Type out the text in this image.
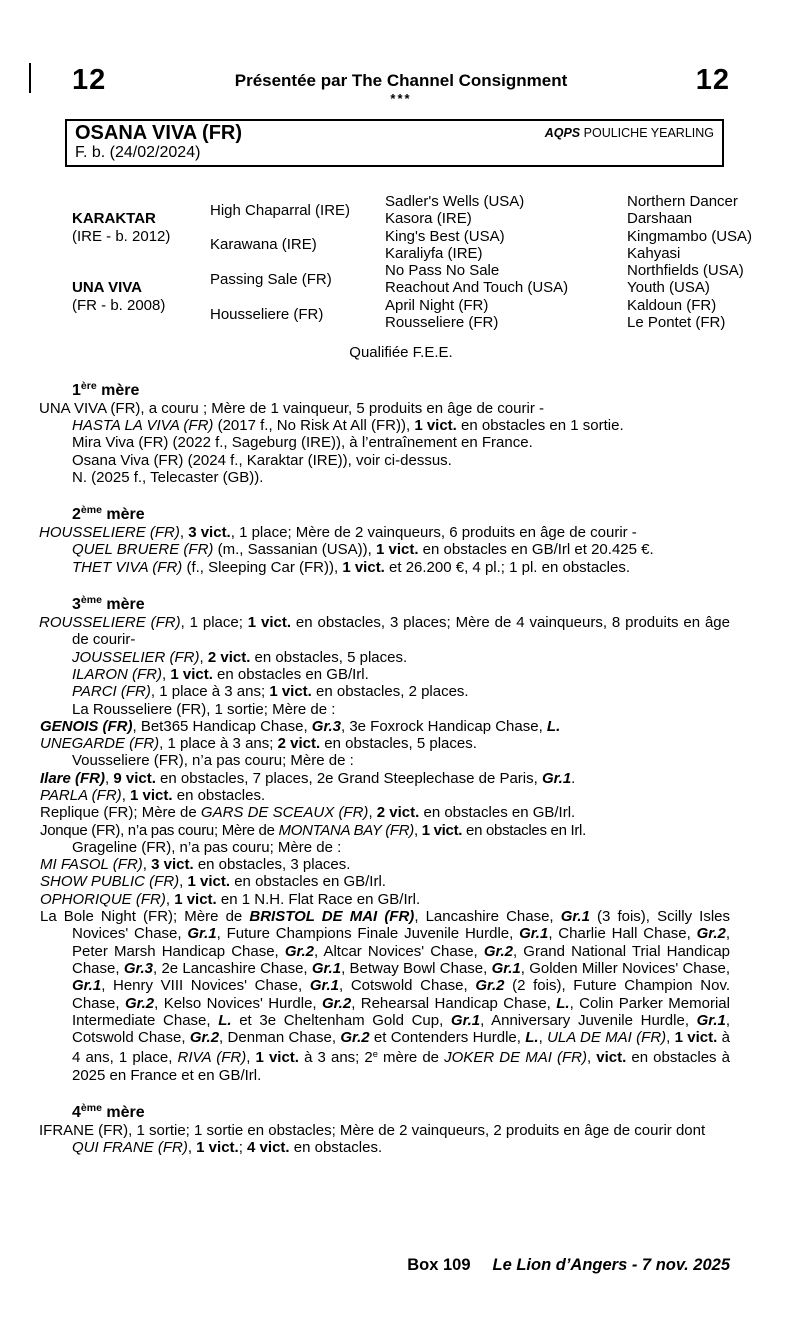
12	Présentée par The Channel Consignment
***
12
OSANA VIVA (FR)
F. b. (24/02/2024)
AQPS POULICHE YEARLING
KARAKTAR
(IRE - b. 2012)
UNA VIVA
(FR - b. 2008)
High Chaparral (IRE)
Karawana (IRE)
Passing Sale (FR)
Housseliere (FR)
Sadler's Wells (USA)
Kasora (IRE)
King's Best (USA)
Karaliyfa (IRE)
No Pass No Sale
Reachout And Touch (USA)
April Night (FR)
Rousseliere (FR)
Northern Dancer
Darshaan
Kingmambo (USA)
Kahyasi
Northfields (USA)
Youth (USA)
Kaldoun (FR)
Le Pontet (FR)
Qualifiée F.E.E.
1ère mère

UNA VIVA (FR), a couru ; Mère de 1 vainqueur, 5 produits en âge de courir -

HASTA LA VIVA (FR) (2017 f., No Risk At All (FR)), 1 vict. en obstacles en 1 sortie.

Mira Viva (FR) (2022 f., Sageburg (IRE)), à l’entraînement en France.

Osana Viva (FR) (2024 f., Karaktar (IRE)), voir ci-dessus.

N. (2025 f., Telecaster (GB)).

2ème mère

HOUSSELIERE (FR), 3 vict., 1 place; Mère de 2 vainqueurs, 6 produits en âge de courir -

QUEL BRUERE (FR) (m., Sassanian (USA)), 1 vict. en obstacles en GB/Irl et 20.425 €.

THET VIVA (FR) (f., Sleeping Car (FR)), 1 vict. et 26.200 €, 4 pl.; 1 pl. en obstacles.

3ème mère

ROUSSELIERE (FR), 1 place; 1 vict. en obstacles, 3 places; Mère de 4 vainqueurs, 8 produits en âge de courir-

JOUSSELIER (FR), 2 vict. en obstacles, 5 places.

ILARON (FR), 1 vict. en obstacles en GB/Irl.

PARCI (FR), 1 place à 3 ans; 1 vict. en obstacles, 2 places.

La Rousseliere (FR), 1 sortie; Mère de :

GENOIS (FR), Bet365 Handicap Chase, Gr.3, 3e Foxrock Handicap Chase, L.

UNEGARDE (FR), 1 place à 3 ans; 2 vict. en obstacles, 5 places.

Vousseliere (FR), n’a pas couru; Mère de :

Ilare (FR), 9 vict. en obstacles, 7 places, 2e Grand Steeplechase de Paris, Gr.1.

PARLA (FR), 1 vict. en obstacles.

Replique (FR); Mère de GARS DE SCEAUX (FR), 2 vict. en obstacles en GB/Irl.

Jonque (FR), n’a pas couru; Mère de MONTANA BAY (FR), 1 vict. en obstacles en Irl.

Grageline (FR), n’a pas couru; Mère de :

MI FASOL (FR), 3 vict. en obstacles, 3 places.

SHOW PUBLIC (FR), 1 vict. en obstacles en GB/Irl.

OPHORIQUE (FR), 1 vict. en 1 N.H. Flat Race en GB/Irl.

La Bole Night (FR); Mère de BRISTOL DE MAI (FR), Lancashire Chase, Gr.1 (3 fois), Scilly Isles Novices' Chase, Gr.1, Future Champions Finale Juvenile Hurdle, Gr.1, Charlie Hall Chase, Gr.2, Peter Marsh Handicap Chase, Gr.2, Altcar Novices' Chase, Gr.2, Grand National Trial Handicap Chase, Gr.3, 2e Lancashire Chase, Gr.1, Betway Bowl Chase, Gr.1, Golden Miller Novices' Chase, Gr.1, Henry VIII Novices' Chase, Gr.1, Cotswold Chase, Gr.2 (2 fois), Future Champion Nov. Chase, Gr.2, Kelso Novices' Hurdle, Gr.2, Rehearsal Handicap Chase, L., Colin Parker Memorial Intermediate Chase, L. et 3e Cheltenham Gold Cup, Gr.1, Anniversary Juvenile Hurdle, Gr.1, Cotswold Chase, Gr.2, Denman Chase, Gr.2 et Contenders Hurdle, L., ULA DE MAI (FR), 1 vict. à 4 ans, 1 place, RIVA (FR), 1 vict. à 3 ans; 2e mère de JOKER DE MAI (FR), vict. en obstacles à 2025 en France et en GB/Irl.

4ème mère

IFRANE (FR), 1 sortie; 1 sortie en obstacles; Mère de 2 vainqueurs, 2 produits en âge de courir dont

QUI FRANE (FR), 1 vict.; 4 vict. en obstacles.

Box 109 Le Lion d’Angers - 7 nov. 2025
